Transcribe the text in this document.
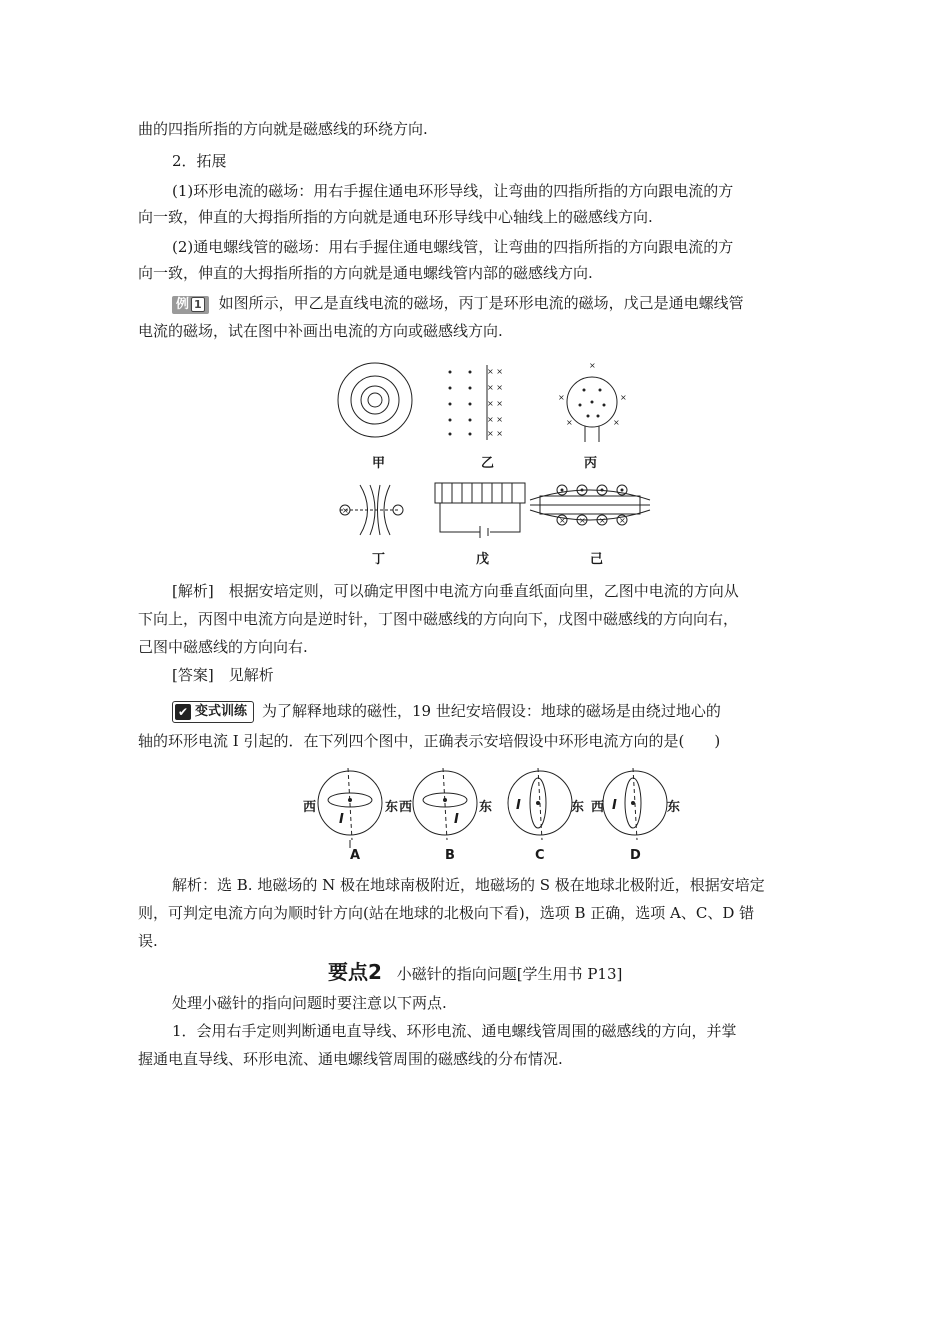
曲的四指所指的方向就是磁感线的环绕方向.
2．拓展
(1)环形电流的磁场：用右手握住通电环形导线，让弯曲的四指所指的方向跟电流的方
向一致，伸直的大拇指所指的方向就是通电环形导线中心轴线上的磁感线方向.
(2)通电螺线管的磁场：用右手握住通电螺线管，让弯曲的四指所指的方向跟电流的方
向一致，伸直的大拇指所指的方向就是通电螺线管内部的磁感线方向.
例 1 如图所示，甲乙是直线电流的磁场，丙丁是环形电流的磁场，戊己是通电螺线管
电流的磁场，试在图中补画出电流的方向或磁感线方向.
× ×
× ×
× ×
× ×
× ×
×
×	×
×	×
× × × ×
×
甲	乙	丙
丁	戊	己
[解析]　根据安培定则，可以确定甲图中电流方向垂直纸面向里，乙图中电流的方向从
下向上，丙图中电流方向是逆时针，丁图中磁感线的方向向下，戊图中磁感线的方向向右，
己图中磁感线的方向向右.
[答案]　见解析
✔ 变式训练 为了解释地球的磁性，19 世纪安培假设：地球的磁场是由绕过地心的
轴的环形电流 I 引起的．在下列四个图中，正确表示安培假设中环形电流方向的是(　　)
西	东 西	东	东 西	东
I	I
I	I
A	B	C	D
解析：选 B. 地磁场的 N 极在地球南极附近，地磁场的 S 极在地球北极附近，根据安培定
则，可判定电流方向为顺时针方向(站在地球的北极向下看)，选项 B 正确，选项 A、C、D 错
误.
要点2 小磁针的指向问题[学生用书 P13]
处理小磁针的指向问题时要注意以下两点.
1．会用右手定则判断通电直导线、环形电流、通电螺线管周围的磁感线的方向，并掌
握通电直导线、环形电流、通电螺线管周围的磁感线的分布情况.
